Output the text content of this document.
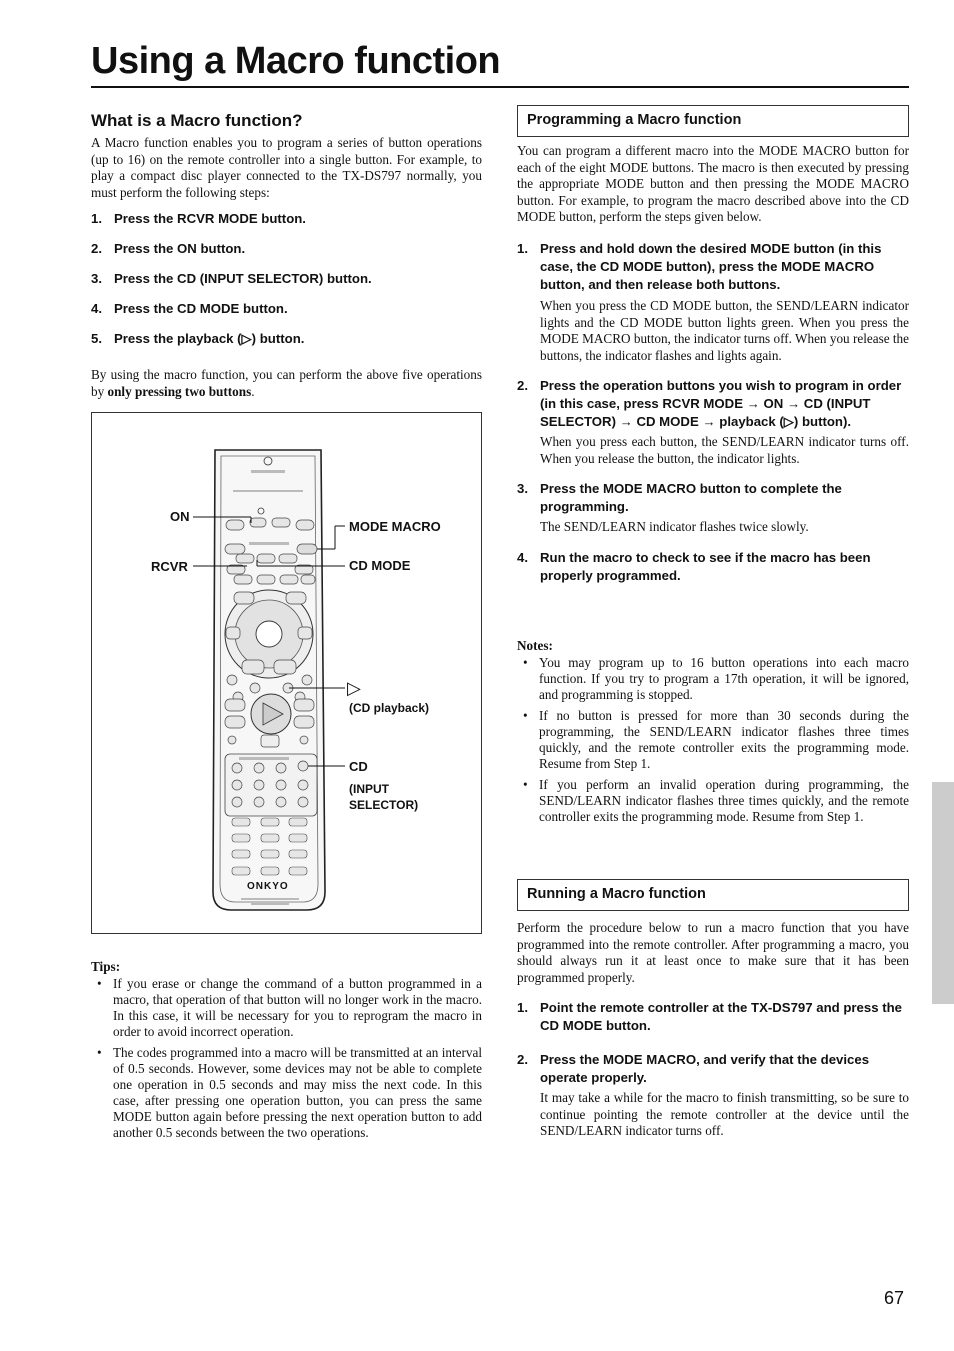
Using a Macro function
What is a Macro function?
A Macro function enables you to program a series of button operations (up to 16) on the remote controller into a single button. For example, to play a compact disc player connected to the TX-DS797 normally, you must perform the following steps:
1. Press the RCVR MODE button.
2. Press the ON button.
3. Press the CD (INPUT SELECTOR) button.
4. Press the CD MODE button.
5. Press the playback (▷) button.
By using the macro function, you can perform the above five operations by only pressing two buttons.
ON
RCVR
MODE MACRO
CD MODE
▷
(CD playback)
CD
(INPUT
SELECTOR)
ONKYO
Tips:
• If you erase or change the command of a button programmed in a macro, that operation of that button will no longer work in the macro. In this case, it will be necessary for you to reprogram the macro in order to avoid incorrect operation.
• The codes programmed into a macro will be transmitted at an interval of 0.5 seconds. However, some devices may not be able to complete one operation in 0.5 seconds and may miss the next code. In this case, after pressing one operation button, you can press the same MODE button again before pressing the next operation button to add another 0.5 seconds between the two operations.
Programming a Macro function
You can program a different macro into the MODE MACRO button for each of the eight MODE buttons. The macro is then executed by pressing the appropriate MODE button and then pressing the MODE MACRO button. For example, to program the macro described above into the CD MODE button, perform the steps given below.
1. Press and hold down the desired MODE button (in this case, the CD MODE button), press the MODE MACRO button, and then release both buttons.
When you press the CD MODE button, the SEND/LEARN indicator lights and the CD MODE button lights green. When you press the MODE MACRO button, the indicator turns off. When you release the buttons, the indicator flashes and lights again.
2. Press the operation buttons you wish to program in order (in this case, press RCVR MODE → ON → CD (INPUT SELECTOR) → CD MODE → playback (▷) button).
When you press each button, the SEND/LEARN indicator turns off. When you release the button, the indicator lights.
3. Press the MODE MACRO button to complete the programming.
The SEND/LEARN indicator flashes twice slowly.
4. Run the macro to check to see if the macro has been properly programmed.
Notes:
• You may program up to 16 button operations into each macro function. If you try to program a 17th operation, it will be ignored, and programming is stopped.
• If no button is pressed for more than 30 seconds during the programming, the SEND/LEARN indicator flashes three times quickly, and the remote controller exits the programming mode. Resume from Step 1.
• If you perform an invalid operation during programming, the SEND/LEARN indicator flashes three times quickly, and the remote controller exits the programming mode. Resume from Step 1.
Running a Macro function
Perform the procedure below to run a macro function that you have programmed into the remote controller. After programming a macro, you should always run it at least once to make sure that it has been programmed properly.
1. Point the remote controller at the TX-DS797 and press the CD MODE button.
2. Press the MODE MACRO, and verify that the devices operate properly.
It may take a while for the macro to finish transmitting, so be sure to continue pointing the remote controller at the device until the SEND/LEARN indicator turns off.
67
